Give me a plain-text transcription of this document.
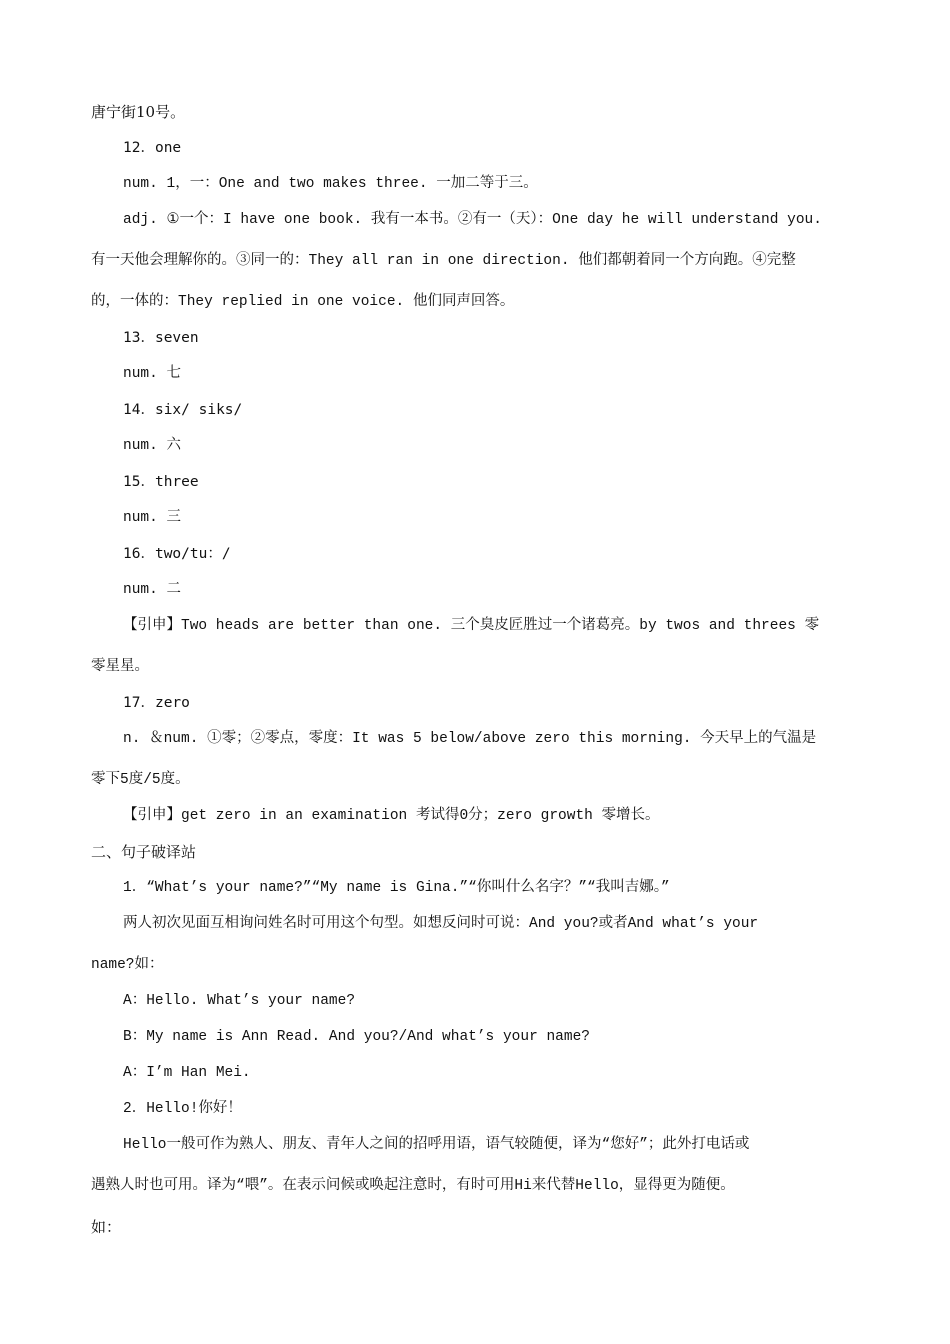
唐宁街10号。
12．one
num. 1，一：One and two makes three. 一加二等于三。
adj. ①一个：I have one book. 我有一本书。②有一（天）：One day he will understand you.
有一天他会理解你的。③同一的：They all ran in one direction. 他们都朝着同一个方向跑。④完整
的，一体的：They replied in one voice. 他们同声回答。
13．seven
num. 七
14．six/ siks/
num. 六
15．three
num. 三
16．two/tu：/
num. 二
【引申】Two heads are better than one. 三个臭皮匠胜过一个诸葛亮。by twos and threes 零
零星星。
17．zero
n. ＆num. ①零；②零点，零度：It was 5 below/above zero this morning. 今天早上的气温是
零下5度/5度。
【引申】get zero in an examination 考试得0分；zero growth 零增长。
二、句子破译站
1．“What’s your name?”“My name is Gina.”“你叫什么名字？”“我叫吉娜。”
两人初次见面互相询问姓名时可用这个句型。如想反问时可说：And you?或者And what’s your
name?如：
A：Hello. What’s your name?
B：My name is Ann Read. And you?/And what’s your name?
A：I’m Han Mei.
2．Hello!你好！
Hello一般可作为熟人、朋友、青年人之间的招呼用语，语气较随便，译为“您好”；此外打电话或
遇熟人时也可用。译为“喂”。在表示问候或唤起注意时，有时可用Hi来代替Hello，显得更为随便。
如：
